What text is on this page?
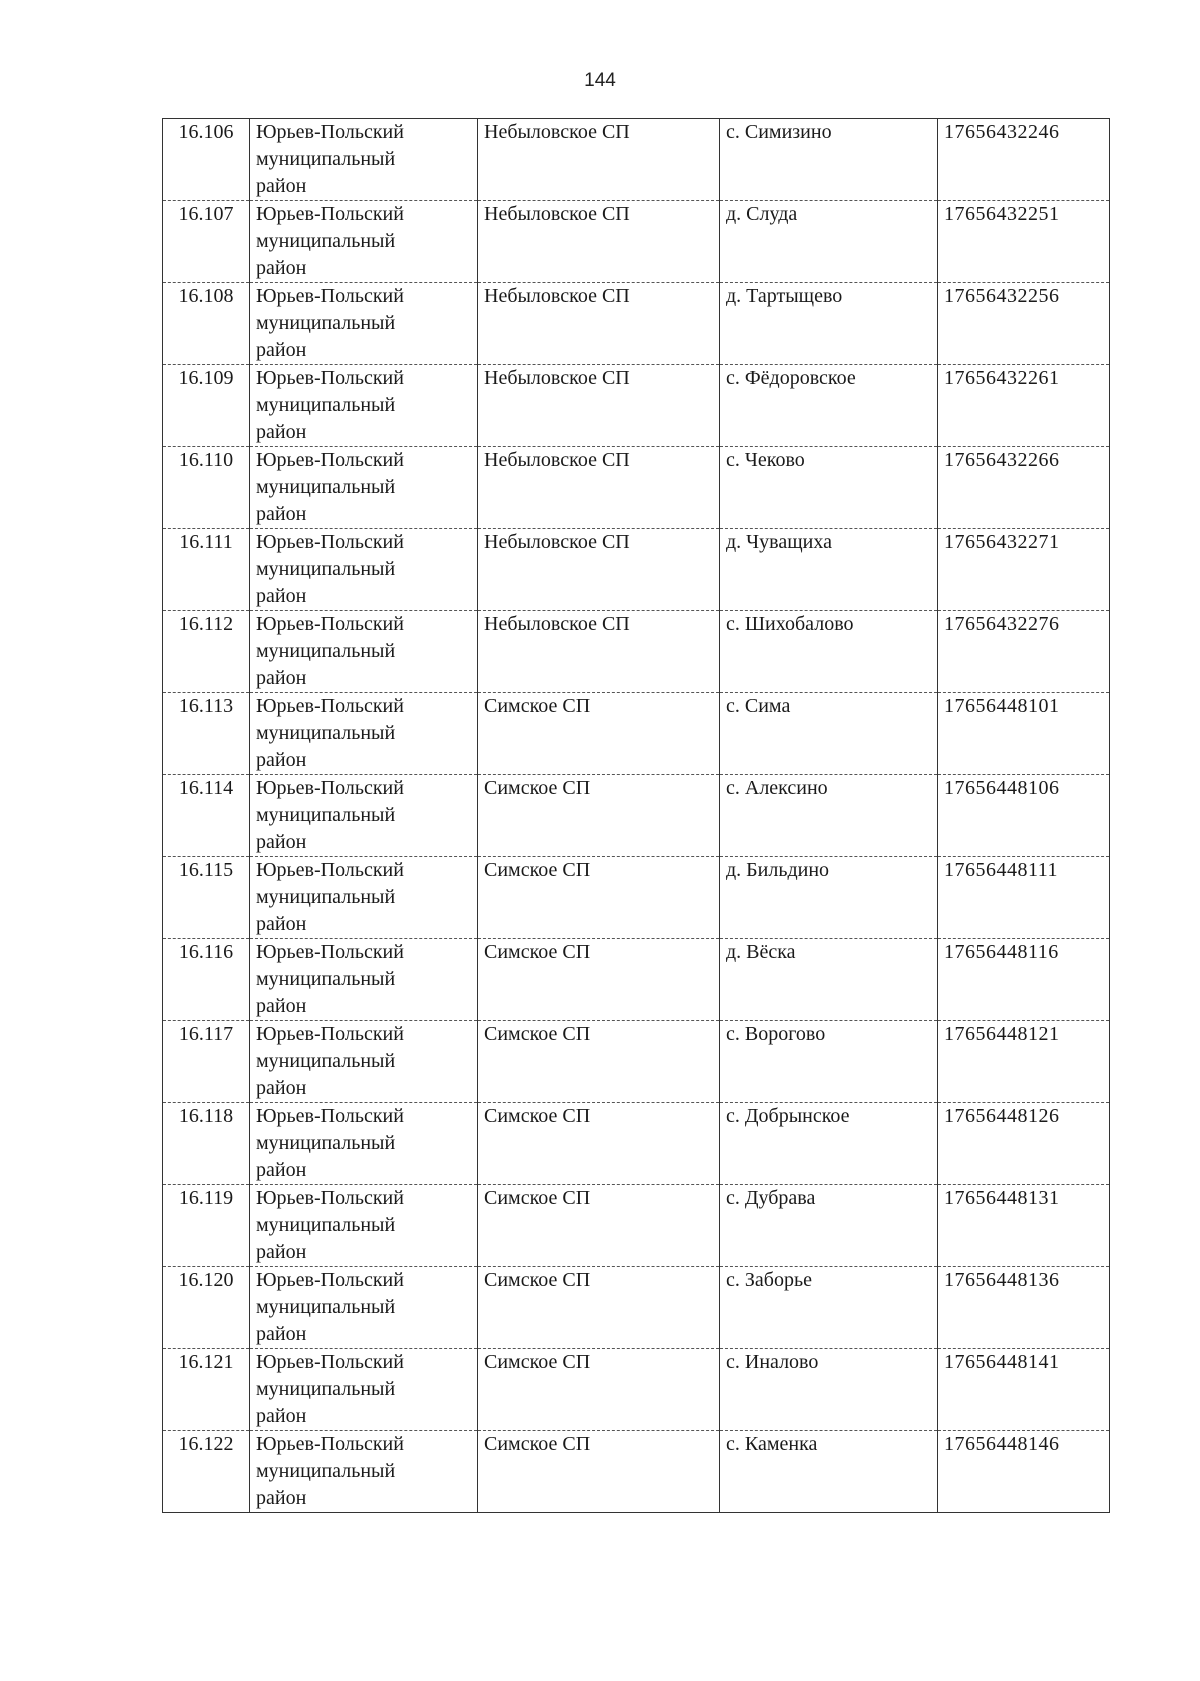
144
16.106	Юрьев-Польский
муниципальный
район	Небыловское СП	с. Симизино	17656432246
16.107	Юрьев-Польский
муниципальный
район	Небыловское СП	д. Слуда	17656432251
16.108	Юрьев-Польский
муниципальный
район	Небыловское СП	д. Тартыщево	17656432256
16.109	Юрьев-Польский
муниципальный
район	Небыловское СП	с. Фёдоровское	17656432261
16.110	Юрьев-Польский
муниципальный
район	Небыловское СП	с. Чеково	17656432266
16.111	Юрьев-Польский
муниципальный
район	Небыловское СП	д. Чуващиха	17656432271
16.112	Юрьев-Польский
муниципальный
район	Небыловское СП	с. Шихобалово	17656432276
16.113	Юрьев-Польский
муниципальный
район	Симское СП	с. Сима	17656448101
16.114	Юрьев-Польский
муниципальный
район	Симское СП	с. Алексино	17656448106
16.115	Юрьев-Польский
муниципальный
район	Симское СП	д. Бильдино	17656448111
16.116	Юрьев-Польский
муниципальный
район	Симское СП	д. Вёска	17656448116
16.117	Юрьев-Польский
муниципальный
район	Симское СП	с. Ворогово	17656448121
16.118	Юрьев-Польский
муниципальный
район	Симское СП	с. Добрынское	17656448126
16.119	Юрьев-Польский
муниципальный
район	Симское СП	с. Дубрава	17656448131
16.120	Юрьев-Польский
муниципальный
район	Симское СП	с. Заборье	17656448136
16.121	Юрьев-Польский
муниципальный
район	Симское СП	с. Иналово	17656448141
16.122	Юрьев-Польский
муниципальный
район	Симское СП	с. Каменка	17656448146
